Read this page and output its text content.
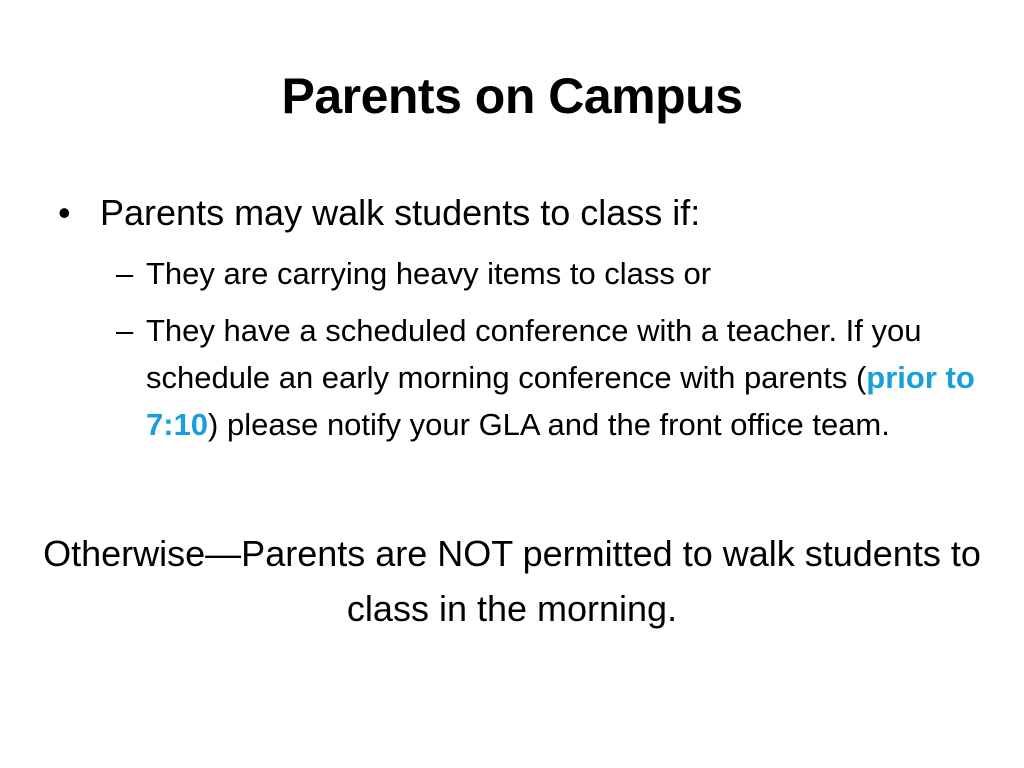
Parents on Campus
• Parents may walk students to class if:
– They are carrying heavy items to class or
– They have a scheduled conference with a teacher. If you schedule an early morning conference with parents (prior to 7:10) please notify your GLA and the front office team.
Otherwise—Parents are NOT permitted to walk students to class in the morning.
